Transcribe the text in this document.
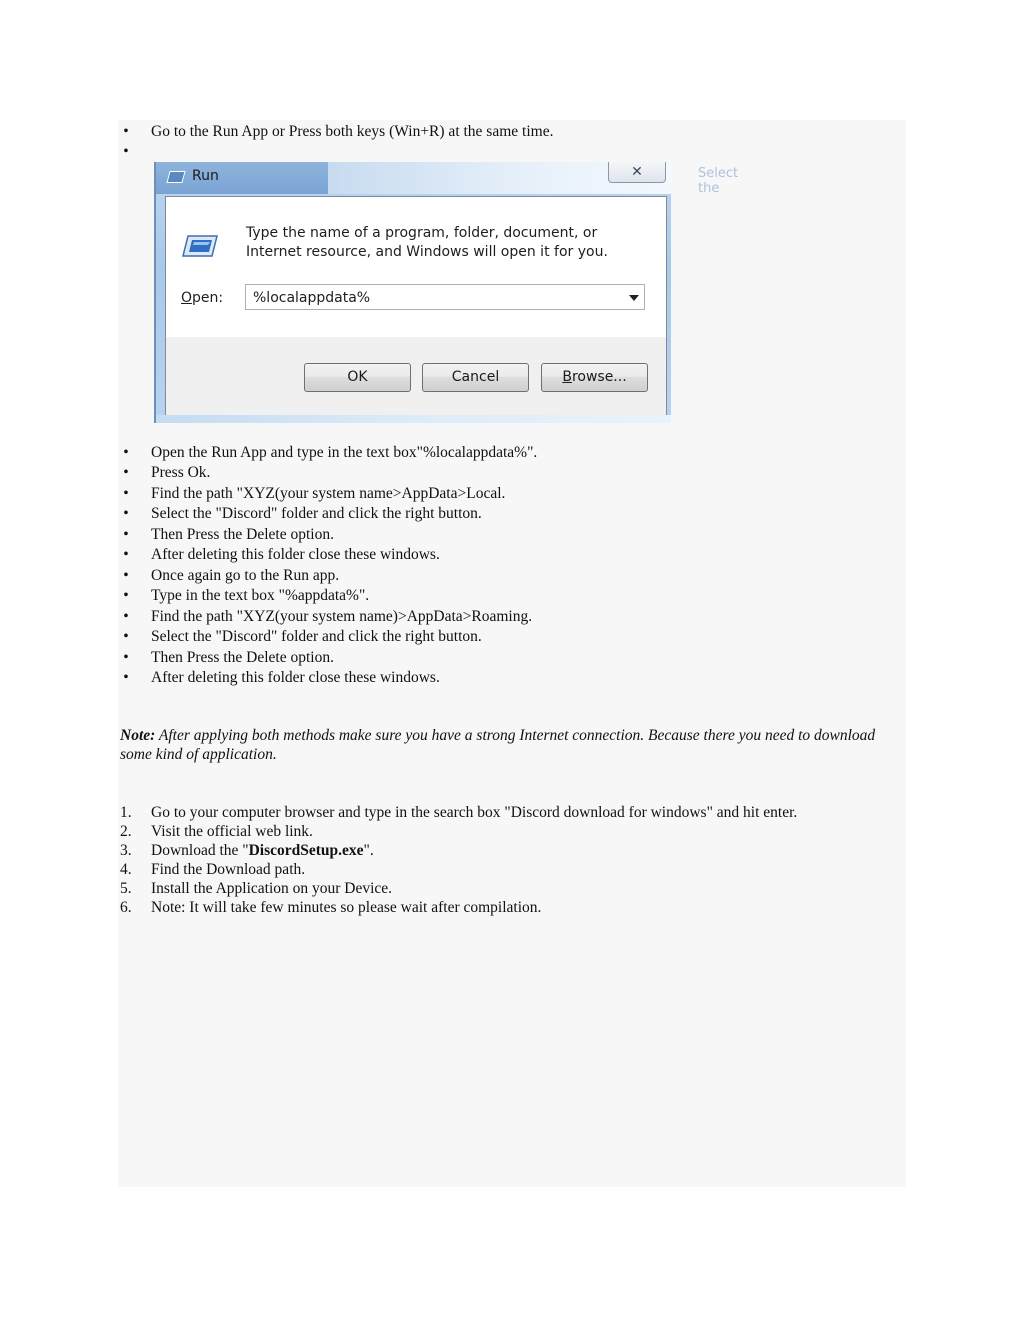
• Go to the Run App or Press both keys (Win+R) at the same time.
•
Run	Select the
✕
Type the name of a program, folder, document, or Internet resource, and Windows will open it for you.
Open:	%localappdata%
OK	Cancel	Browse...
• Open the Run App and type in the text box"%localappdata%".
• Press Ok.
• Find the path "XYZ(your system name>AppData>Local.
• Select the "Discord" folder and click the right button.
• Then Press the Delete option.
• After deleting this folder close these windows.
• Once again go to the Run app.
• Type in the text box "%appdata%".
• Find the path "XYZ(your system name)>AppData>Roaming.
• Select the "Discord" folder and click the right button.
• Then Press the Delete option.
• After deleting this folder close these windows.
Note: After applying both methods make sure you have a strong Internet connection. Because there you need to download some kind of application.
1. Go to your computer browser and type in the search box "Discord download for windows" and hit enter.
2. Visit the official web link.
3. Download the "DiscordSetup.exe".
4. Find the Download path.
5. Install the Application on your Device.
6. Note: It will take few minutes so please wait after compilation.
